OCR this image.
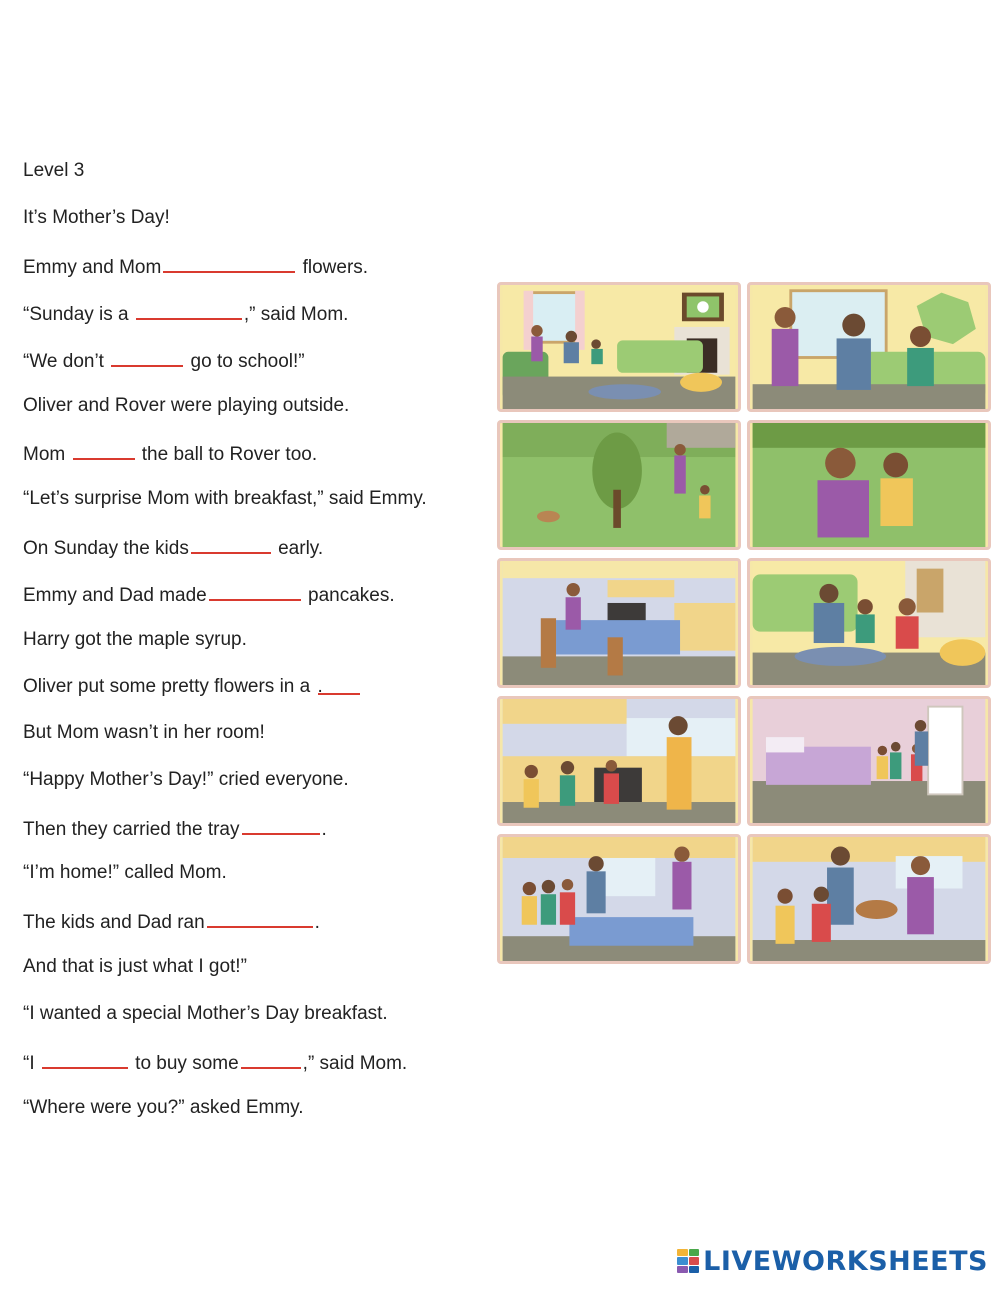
Level 3
It’s Mother’s Day!
Emmy and Mom	flowers.
“Sunday is a	,” said Mom.
“We don’t	go to school!”
Oliver and Rover were playing outside.
Mom	the ball to Rover too.
“Let’s surprise Mom with breakfast,” said Emmy.
On Sunday the kids	early.
Emmy and Dad made	pancakes.
Harry got the maple syrup.
Oliver put some pretty flowers in a .
But Mom wasn’t in her room!
“Happy Mother’s Day!” cried everyone.
Then they carried the tray	.
“I’m home!” called Mom.
The kids and Dad ran	.
And that is just what I got!”
“I wanted a special Mother’s Day breakfast.
“I	to buy some	,” said Mom.
“Where were you?” asked Emmy.
LIVEWORKSHEETS
